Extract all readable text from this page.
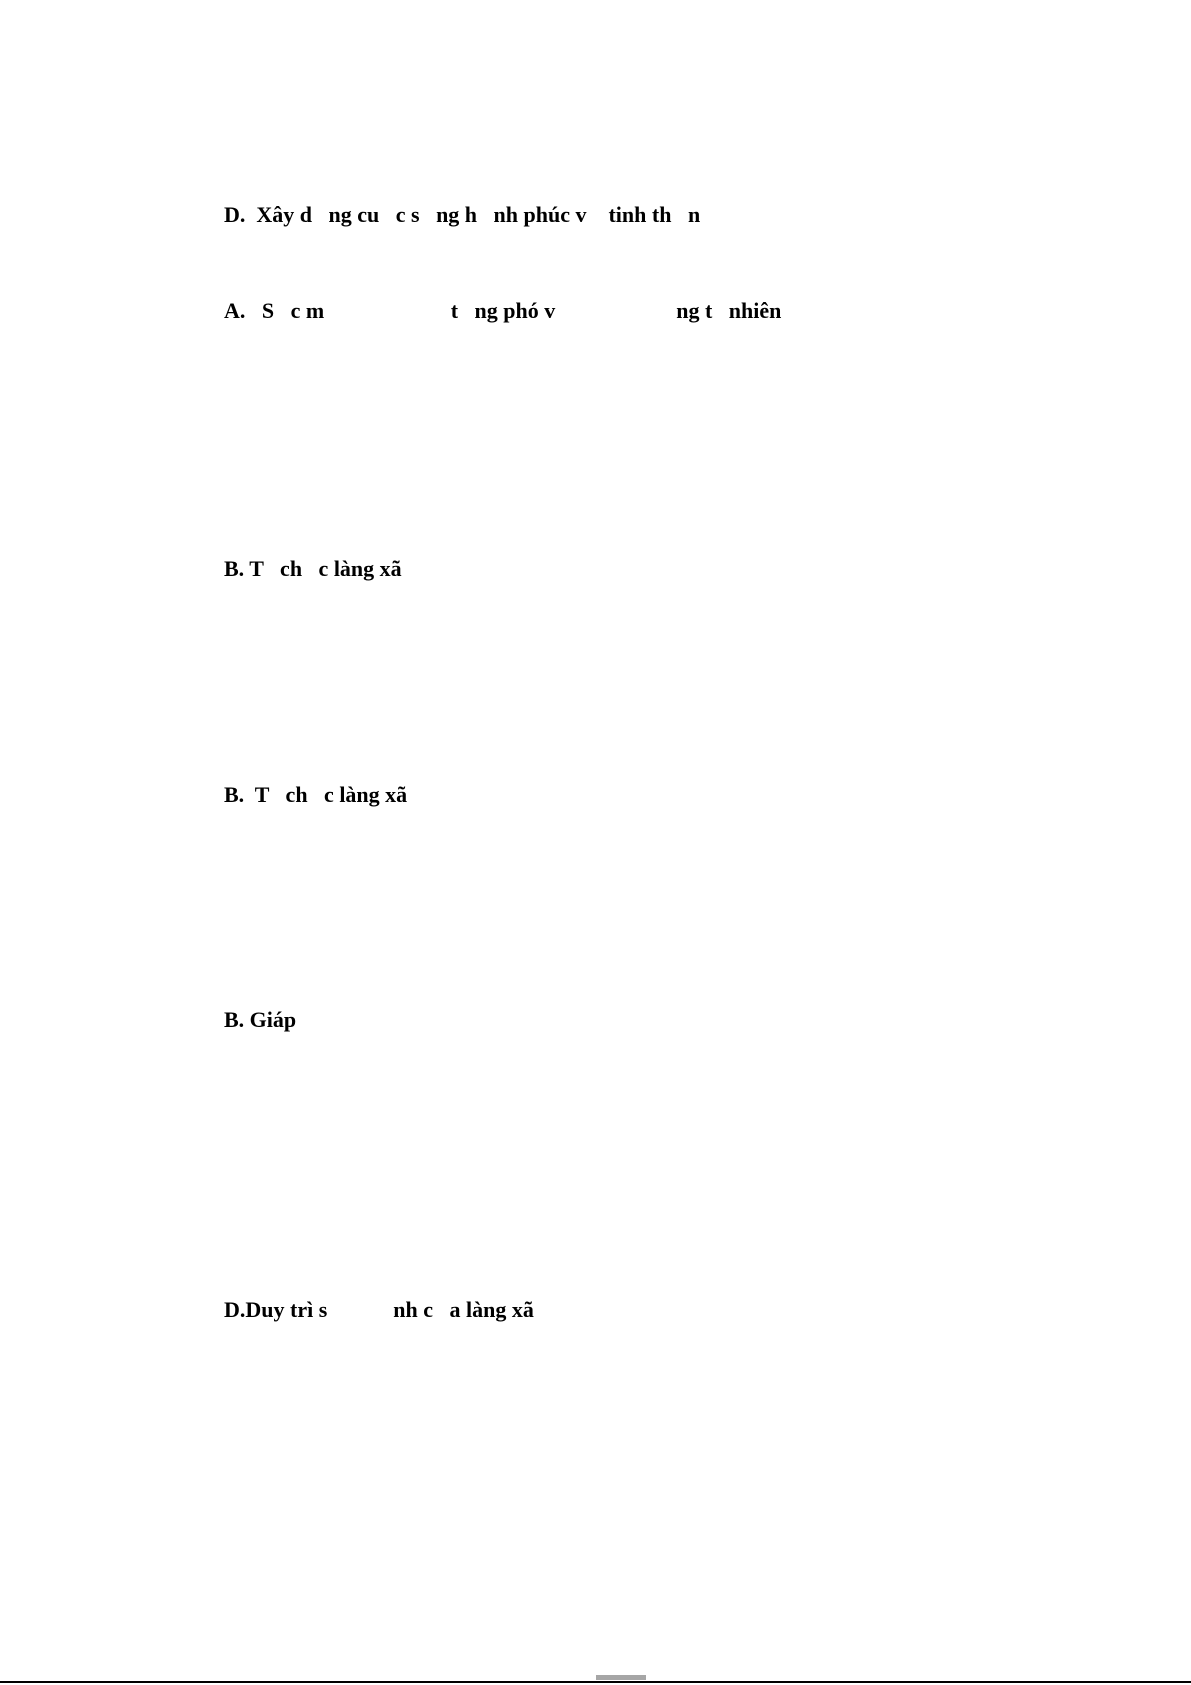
D.  Xây d   ng cu   c s   ng h   nh phúc v    tinh th   n

A.   S   c m                       t   ng phó v                      ng t   nhiên

B. T   ch   c làng xã

B.  T   ch   c làng xã

B. Giáp

D.Duy trì s            nh c   a làng xã
